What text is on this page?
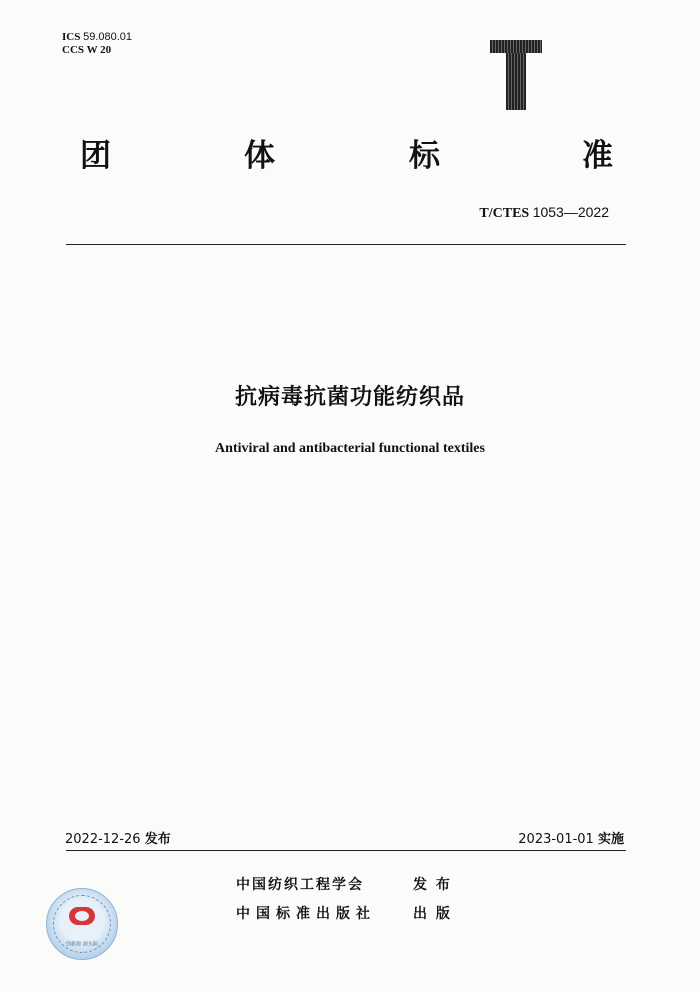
ICS 59.080.01
CCS W 20
团	体	标	准
T/CTES 1053—2022
抗病毒抗菌功能纺织品
Antiviral and antibacterial functional textiles
2022-12-26 发布	2023-01-01 实施
中国纺织工程学会	发 布
中国标准出版社	出 版
创新源 源头防
